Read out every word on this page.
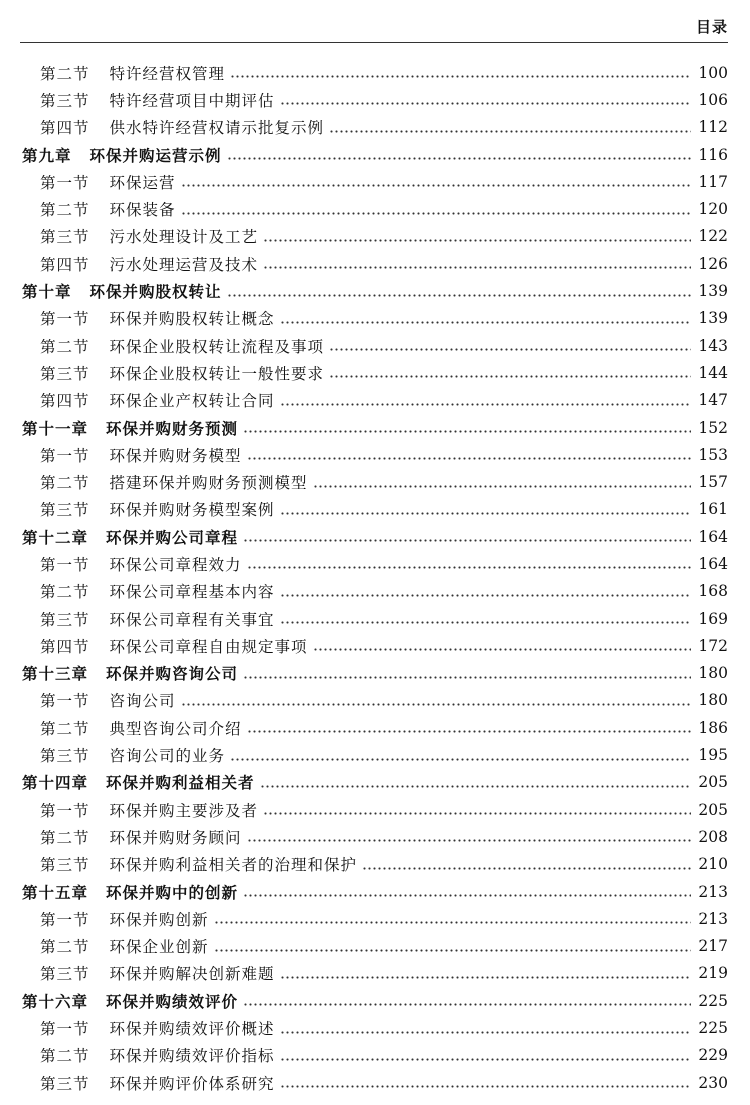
目录
第二节 特许经营权管理	100
第三节 特许经营项目中期评估	106
第四节 供水特许经营权请示批复示例	112
第九章 环保并购运营示例	116
第一节 环保运营	117
第二节 环保装备	120
第三节 污水处理设计及工艺	122
第四节 污水处理运营及技术	126
第十章 环保并购股权转让	139
第一节 环保并购股权转让概念	139
第二节 环保企业股权转让流程及事项	143
第三节 环保企业股权转让一般性要求	144
第四节 环保企业产权转让合同	147
第十一章 环保并购财务预测	152
第一节 环保并购财务模型	153
第二节 搭建环保并购财务预测模型	157
第三节 环保并购财务模型案例	161
第十二章 环保并购公司章程	164
第一节 环保公司章程效力	164
第二节 环保公司章程基本内容	168
第三节 环保公司章程有关事宜	169
第四节 环保公司章程自由规定事项	172
第十三章 环保并购咨询公司	180
第一节 咨询公司	180
第二节 典型咨询公司介绍	186
第三节 咨询公司的业务	195
第十四章 环保并购利益相关者	205
第一节 环保并购主要涉及者	205
第二节 环保并购财务顾问	208
第三节 环保并购利益相关者的治理和保护	210
第十五章 环保并购中的创新	213
第一节 环保并购创新	213
第二节 环保企业创新	217
第三节 环保并购解决创新难题	219
第十六章 环保并购绩效评价	225
第一节 环保并购绩效评价概述	225
第二节 环保并购绩效评价指标	229
第三节 环保并购评价体系研究	230
